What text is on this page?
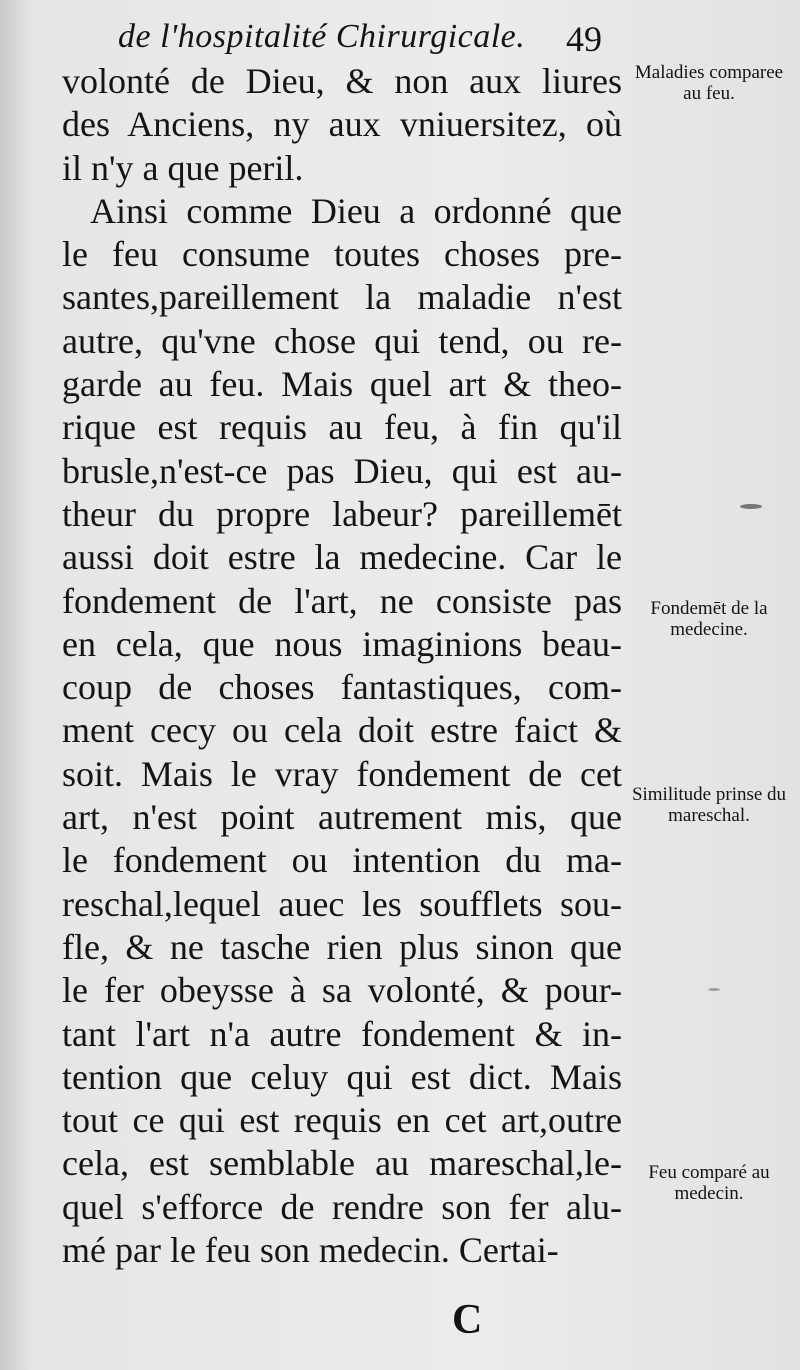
de l'hospitalité Chirurgicale. 49
volonté de Dieu, & non aux liures
des Anciens, ny aux vniuersitez, où
il n'y a que peril.
Ainsi comme Dieu a ordonné que
le feu consume toutes choses pre-
santes,pareillement la maladie n'est
autre, qu'vne chose qui tend, ou re-
garde au feu. Mais quel art & theo-
rique est requis au feu, à fin qu'il
brusle,n'est-ce pas Dieu, qui est au-
theur du propre labeur? pareillemēt
aussi doit estre la medecine. Car le
fondement de l'art, ne consiste pas
en cela, que nous imaginions beau-
coup de choses fantastiques, com-
ment cecy ou cela doit estre faict &
soit. Mais le vray fondement de cet
art, n'est point autrement mis, que
le fondement ou intention du ma-
reschal,lequel auec les soufflets sou-
fle, & ne tasche rien plus sinon que
le fer obeysse à sa volonté, & pour-
tant l'art n'a autre fondement & in-
tention que celuy qui est dict. Mais
tout ce qui est requis en cet art,outre
cela, est semblable au mareschal,le-
quel s'efforce de rendre son fer alu-
mé par le feu son medecin. Certai-
Maladies comparee au feu.
Fondemēt de la medecine.
Similitude prinse du mareschal.
Feu comparé au medecin.
C
